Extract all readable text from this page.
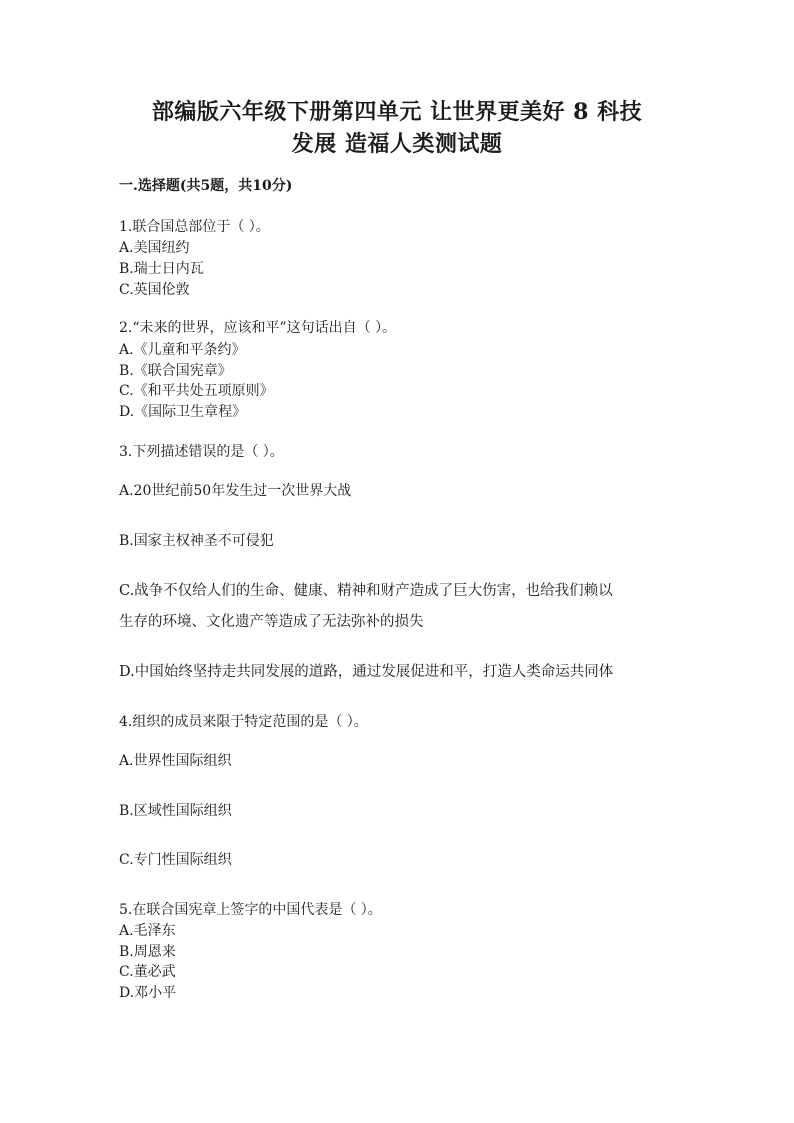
部编版六年级下册第四单元 让世界更美好 8 科技
发展 造福人类测试题
一.选择题(共5题，共10分)
1.联合国总部位于（ ）。
A.美国纽约
B.瑞士日内瓦
C.英国伦敦
2.“未来的世界，应该和平”这句话出自（ ）。
A.《儿童和平条约》
B.《联合国宪章》
C.《和平共处五项原则》
D.《国际卫生章程》
3.下列描述错误的是（ ）。
A.20世纪前50年发生过一次世界大战
B.国家主权神圣不可侵犯
C.战争不仅给人们的生命、健康、精神和财产造成了巨大伤害，也给我们赖以
生存的环境、文化遗产等造成了无法弥补的损失
D.中国始终坚持走共同发展的道路，通过发展促进和平，打造人类命运共同体
4.组织的成员来限于特定范围的是（ ）。
A.世界性国际组织
B.区域性国际组织
C.专门性国际组织
5.在联合国宪章上签字的中国代表是（ ）。
A.毛泽东
B.周恩来
C.董必武
D.邓小平
